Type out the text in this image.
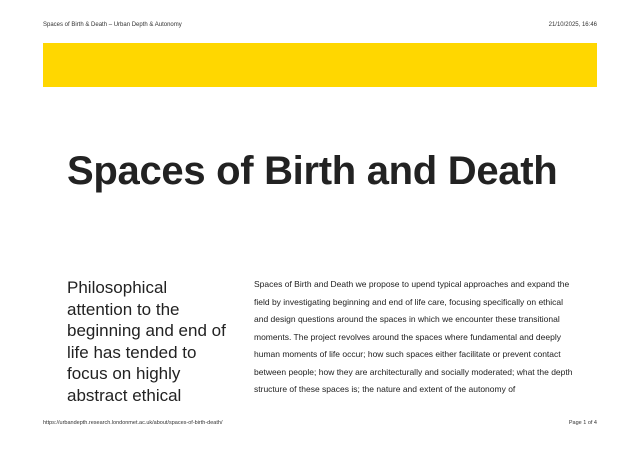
Spaces of Birth & Death – Urban Depth & Autonomy	21/10/2025, 16:46
Spaces of Birth and Death

Philosophical attention to the beginning and end of life has tended to focus on highly abstract ethical

Spaces of Birth and Death we propose to upend typical approaches and expand the field by investigating beginning and end of life care, focusing specifically on ethical and design questions around the spaces in which we encounter these transitional moments. The project revolves around the spaces where fundamental and deeply human moments of life occur; how such spaces either facilitate or prevent contact between people; how they are architecturally and socially moderated; what the depth structure of these spaces is; the nature and extent of the autonomy of

https://urbandepth.research.londonmet.ac.uk/about/spaces-of-birth-death/	Page 1 of 4
